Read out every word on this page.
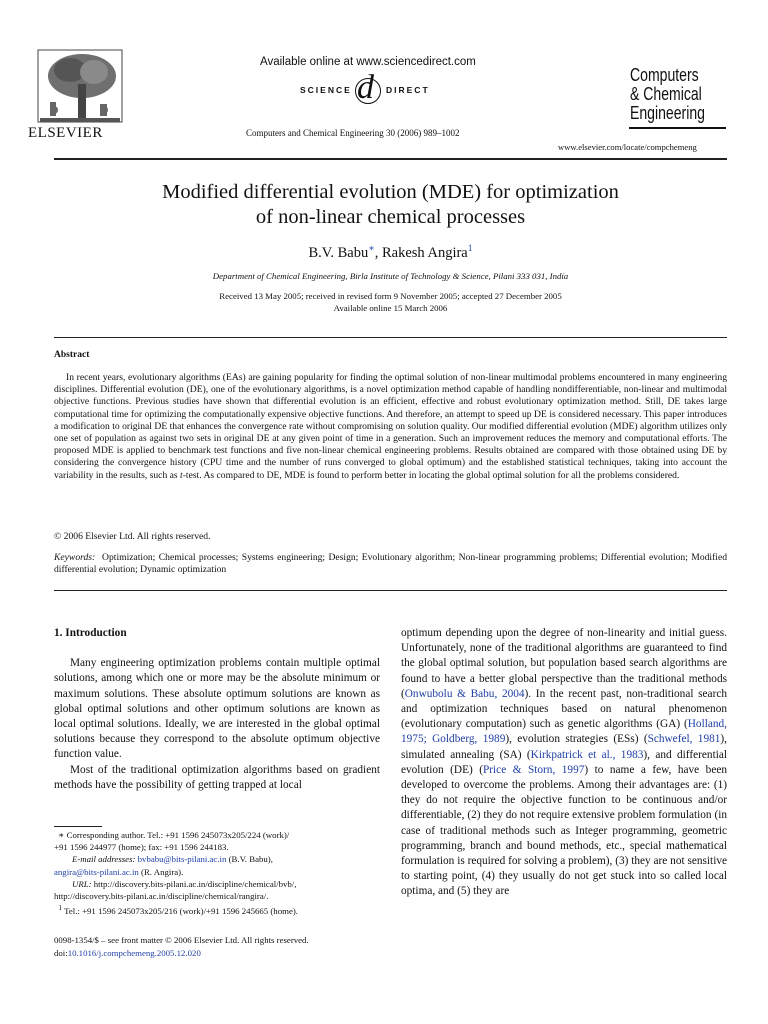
ELSEVIER
Available online at www.sciencedirect.com
SCIENCE d DIRECT
Computers and Chemical Engineering 30 (2006) 989–1002
Computers
& Chemical
Engineering
www.elsevier.com/locate/compchemeng
Modified differential evolution (MDE) for optimization
of non-linear chemical processes
B.V. Babu∗, Rakesh Angira$^1$
Department of Chemical Engineering, Birla Institute of Technology & Science, Pilani 333 031, India
Received 13 May 2005; received in revised form 9 November 2005; accepted 27 December 2005
Available online 15 March 2006
Abstract

In recent years, evolutionary algorithms (EAs) are gaining popularity for finding the optimal solution of non-linear multimodal problems encountered in many engineering disciplines. Differential evolution (DE), one of the evolutionary algorithms, is a novel optimization method capable of handling nondifferentiable, non-linear and multimodal objective functions. Previous studies have shown that differential evolution is an efficient, effective and robust evolutionary optimization method. Still, DE takes large computational time for optimizing the computationally expensive objective functions. And therefore, an attempt to speed up DE is considered necessary. This paper introduces a modification to original DE that enhances the convergence rate without compromising on solution quality. Our modified differential evolution (MDE) algorithm utilizes only one set of population as against two sets in original DE at any given point of time in a generation. Such an improvement reduces the memory and computational efforts. The proposed MDE is applied to benchmark test functions and five non-linear chemical engineering problems. Results obtained are compared with those obtained using DE by considering the convergence history (CPU time and the number of runs converged to global optimum) and the established statistical techniques, taking into account the variability in the results, such as t-test. As compared to DE, MDE is found to perform better in locating the global optimal solution for all the problems considered.

© 2006 Elsevier Ltd. All rights reserved.
Keywords: Optimization; Chemical processes; Systems engineering; Design; Evolutionary algorithm; Non-linear programming problems; Differential evolution; Modified differential evolution; Dynamic optimization

1. Introduction

Many engineering optimization problems contain multiple optimal solutions, among which one or more may be the absolute minimum or maximum solutions. These absolute optimum solutions are known as global optimal solutions and other optimum solutions are known as local optimal solutions. Ideally, we are interested in the global optimal solutions because they correspond to the absolute optimum objective function value.

Most of the traditional optimization algorithms based on gradient methods have the possibility of getting trapped at local

optimum depending upon the degree of non-linearity and initial guess. Unfortunately, none of the traditional algorithms are guaranteed to find the global optimal solution, but population based search algorithms are found to have a better global perspective than the traditional methods (Onwubolu & Babu, 2004). In the recent past, non-traditional search and optimization techniques based on natural phenomenon (evolutionary computation) such as genetic algorithms (GA) (Holland, 1975; Goldberg, 1989), evolution strategies (ESs) (Schwefel, 1981), simulated annealing (SA) (Kirkpatrick et al., 1983), and differential evolution (DE) (Price & Storn, 1997) to name a few, have been developed to overcome the problems. Among their advantages are: (1) they do not require the objective function to be continuous and/or differentiable, (2) they do not require extensive problem formulation (in case of traditional methods such as Integer programming, geometric programming, branch and bound methods, etc., special mathematical formulation is required for solving a problem), (3) they are not sensitive to starting point, (4) they usually do not get stuck into so called local optima, and (5) they are

∗ Corresponding author. Tel.: +91 1596 245073x205/224 (work)/
+91 1596 244977 (home); fax: +91 1596 244183.
E-mail addresses: bvbabu@bits-pilani.ac.in (B.V. Babu),
angira@bits-pilani.ac.in (R. Angira).
URL: http://discovery.bits-pilani.ac.in/discipline/chemical/bvb/,
http://discovery.bits-pilani.ac.in/discipline/chemical/rangira/.
$^1$ Tel.: +91 1596 245073x205/216 (work)/+91 1596 245665 (home).
0098-1354/$ – see front matter © 2006 Elsevier Ltd. All rights reserved.
doi:10.1016/j.compchemeng.2005.12.020
